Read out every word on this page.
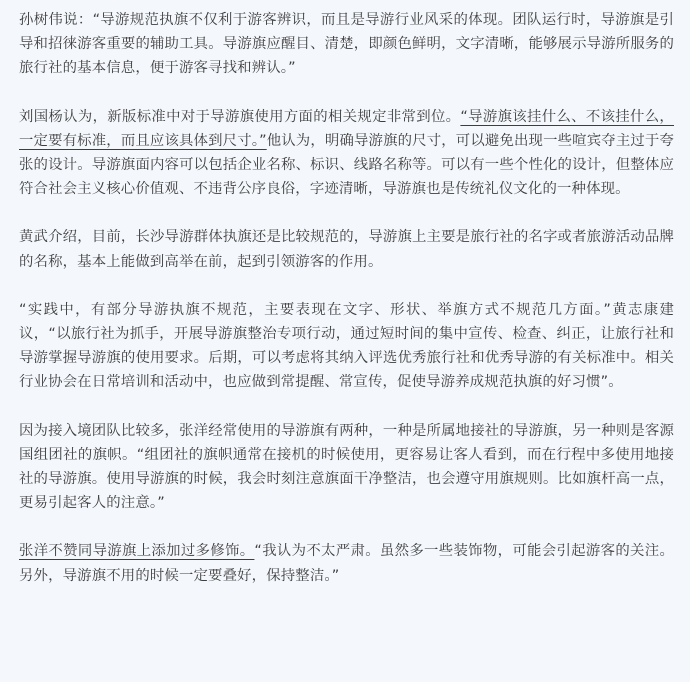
孙树伟说：“导游规范执旗不仅利于游客辨识，而且是导游行业风采的体现。团队运行时，导游旗是引导和招徕游客重要的辅助工具。导游旗应醒目、清楚，即颜色鲜明，文字清晰，能够展示导游所服务的旅行社的基本信息，便于游客寻找和辨认。”

刘国杨认为，新版标准中对于导游旗使用方面的相关规定非常到位。“导游旗该挂什么、不该挂什么，一定要有标准，而且应该具体到尺寸。”他认为，明确导游旗的尺寸，可以避免出现一些喧宾夺主过于夸张的设计。导游旗面内容可以包括企业名称、标识、线路名称等。可以有一些个性化的设计，但整体应符合社会主义核心价值观、不违背公序良俗，字迹清晰，导游旗也是传统礼仪文化的一种体现。

黄武介绍，目前，长沙导游群体执旗还是比较规范的，导游旗上主要是旅行社的名字或者旅游活动品牌的名称，基本上能做到高举在前，起到引领游客的作用。

“实践中，有部分导游执旗不规范，主要表现在文字、形状、举旗方式不规范几方面。”黄志康建议，“以旅行社为抓手，开展导游旗整治专项行动，通过短时间的集中宣传、检查、纠正，让旅行社和导游掌握导游旗的使用要求。后期，可以考虑将其纳入评选优秀旅行社和优秀导游的有关标准中。相关行业协会在日常培训和活动中，也应做到常提醒、常宣传，促使导游养成规范执旗的好习惯”。

因为接入境团队比较多，张洋经常使用的导游旗有两种，一种是所属地接社的导游旗，另一种则是客源国组团社的旗帜。“组团社的旗帜通常在接机的时候使用，更容易让客人看到，而在行程中多使用地接社的导游旗。使用导游旗的时候，我会时刻注意旗面干净整洁，也会遵守用旗规则。比如旗杆高一点，更易引起客人的注意。”

张洋不赞同导游旗上添加过多修饰。“我认为不太严肃。虽然多一些装饰物，可能会引起游客的关注。另外，导游旗不用的时候一定要叠好，保持整洁。”
